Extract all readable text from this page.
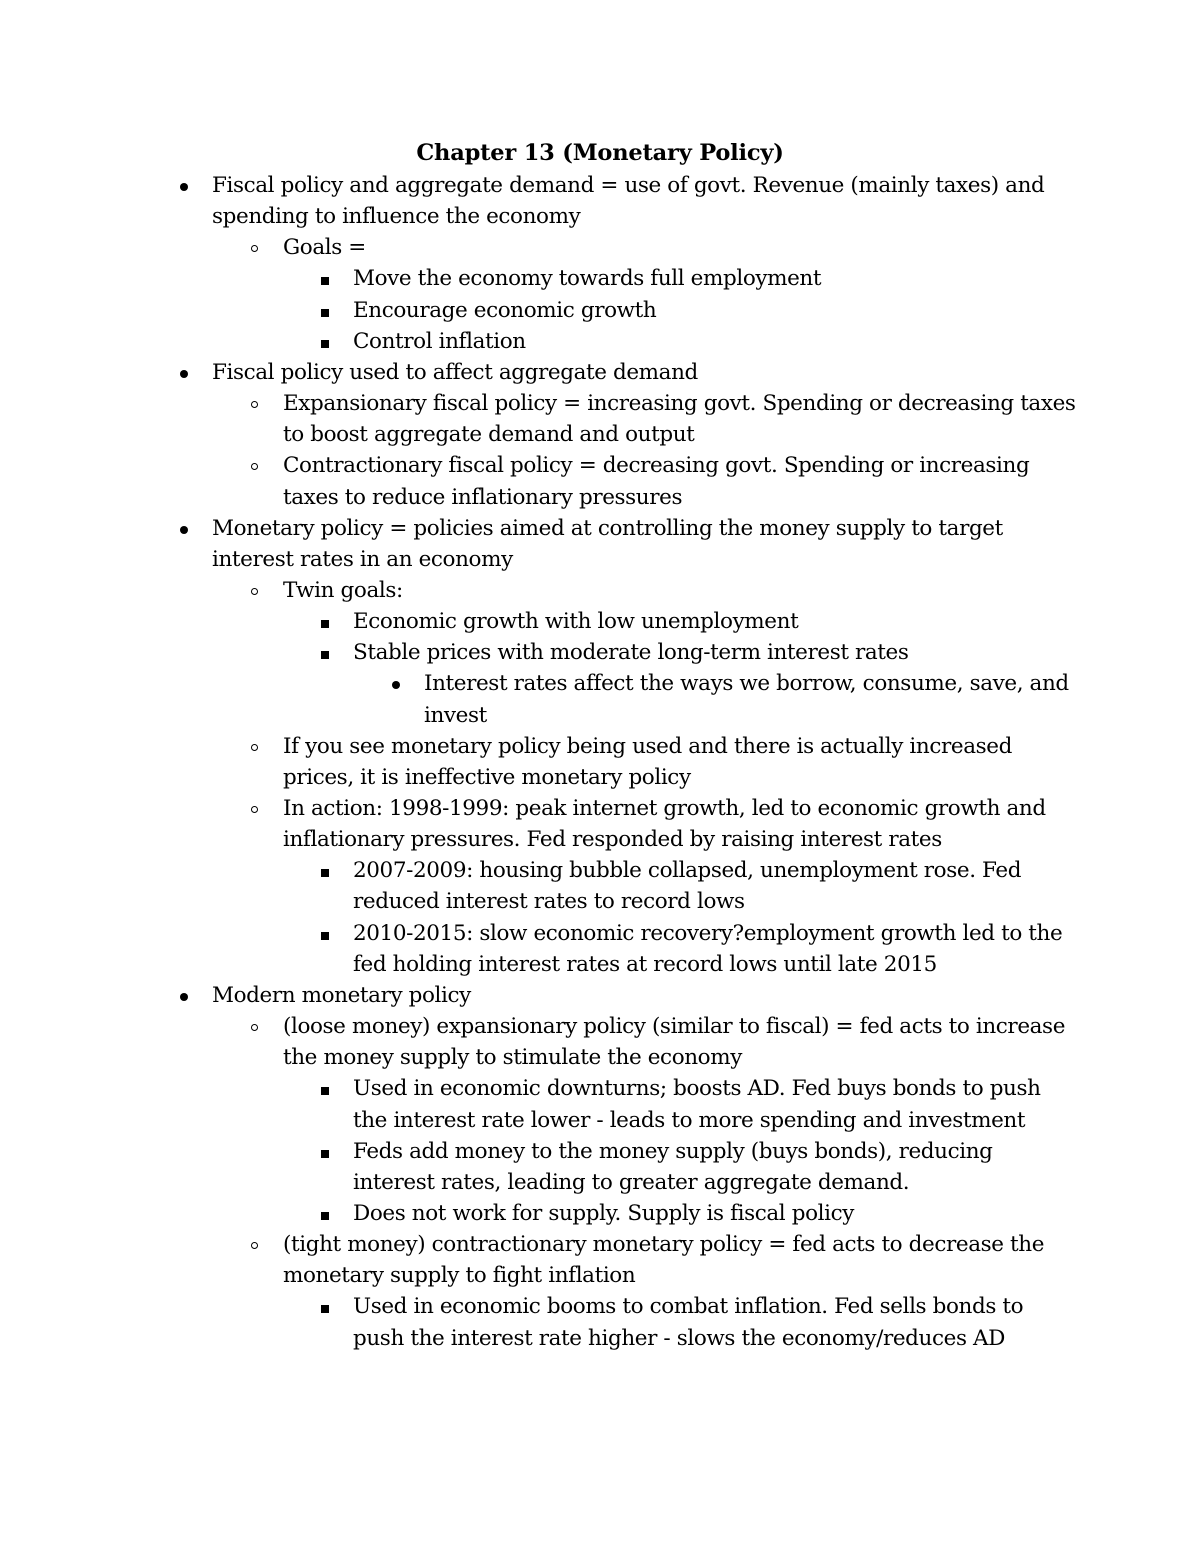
Chapter 13 (Monetary Policy)
Fiscal policy and aggregate demand = use of govt. Revenue (mainly taxes) and
spending to influence the economy
Goals =
Move the economy towards full employment
Encourage economic growth
Control inflation
Fiscal policy used to affect aggregate demand
Expansionary fiscal policy = increasing govt. Spending or decreasing taxes
to boost aggregate demand and output
Contractionary fiscal policy = decreasing govt. Spending or increasing
taxes to reduce inflationary pressures
Monetary policy = policies aimed at controlling the money supply to target
interest rates in an economy
Twin goals:
Economic growth with low unemployment
Stable prices with moderate long-term interest rates
Interest rates affect the ways we borrow, consume, save, and
invest
If you see monetary policy being used and there is actually increased
prices, it is ineffective monetary policy
In action: 1998-1999: peak internet growth, led to economic growth and
inflationary pressures. Fed responded by raising interest rates
2007-2009: housing bubble collapsed, unemployment rose. Fed
reduced interest rates to record lows
2010-2015: slow economic recovery?employment growth led to the
fed holding interest rates at record lows until late 2015
Modern monetary policy
(loose money) expansionary policy (similar to fiscal) = fed acts to increase
the money supply to stimulate the economy
Used in economic downturns; boosts AD. Fed buys bonds to push
the interest rate lower - leads to more spending and investment
Feds add money to the money supply (buys bonds), reducing
interest rates, leading to greater aggregate demand.
Does not work for supply. Supply is fiscal policy
(tight money) contractionary monetary policy = fed acts to decrease the
monetary supply to fight inflation
Used in economic booms to combat inflation. Fed sells bonds to
push the interest rate higher - slows the economy/reduces AD
